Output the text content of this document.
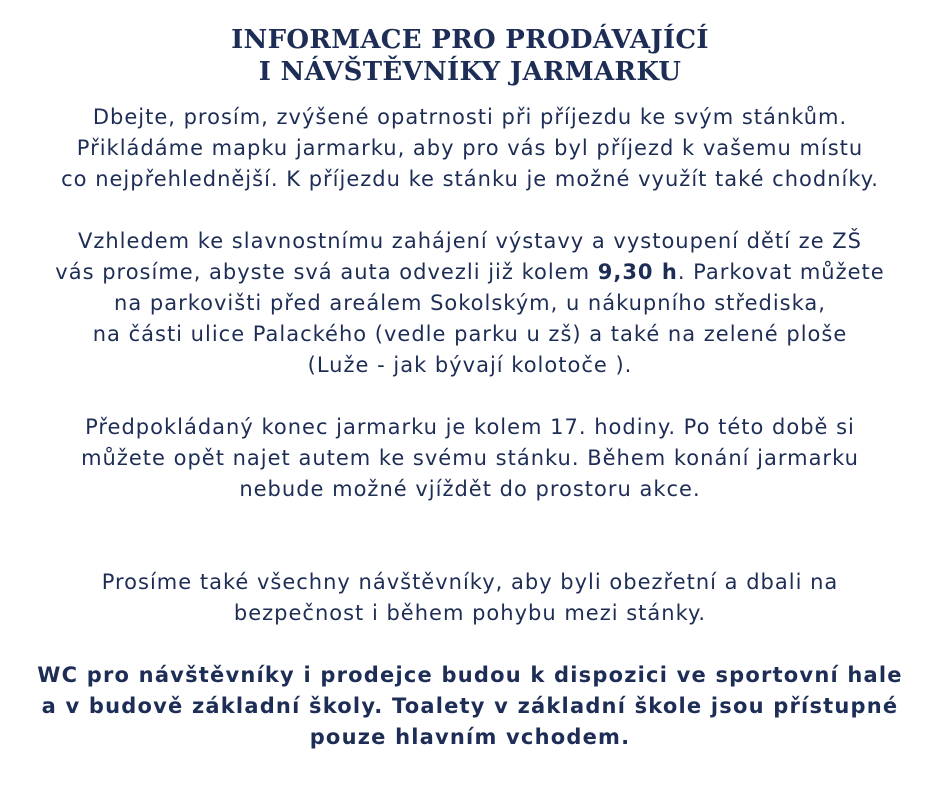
INFORMACE PRO PRODÁVAJÍCÍ
I NÁVŠTĚVNÍKY JARMARKU

Dbejte, prosím, zvýšené opatrnosti při příjezdu ke svým stánkům.
Přikládáme mapku jarmarku, aby pro vás byl příjezd k vašemu místu
co nejpřehlednější. K příjezdu ke stánku je možné využít také chodníky.

Vzhledem ke slavnostnímu zahájení výstavy a vystoupení dětí ze ZŠ
vás prosíme, abyste svá auta odvezli již kolem 9,30 h. Parkovat můžete
na parkovišti před areálem Sokolským, u nákupního střediska,
na části ulice Palackého (vedle parku u zš) a také na zelené ploše
(Luže - jak bývají kolotoče ).

Předpokládaný konec jarmarku je kolem 17. hodiny. Po této době si
můžete opět najet autem ke svému stánku. Během konání jarmarku
nebude možné vjíždět do prostoru akce.

Prosíme také všechny návštěvníky, aby byli obezřetní a dbali na
bezpečnost i během pohybu mezi stánky.

WC pro návštěvníky i prodejce budou k dispozici ve sportovní hale
a v budově základní školy. Toalety v základní škole jsou přístupné
pouze hlavním vchodem.
